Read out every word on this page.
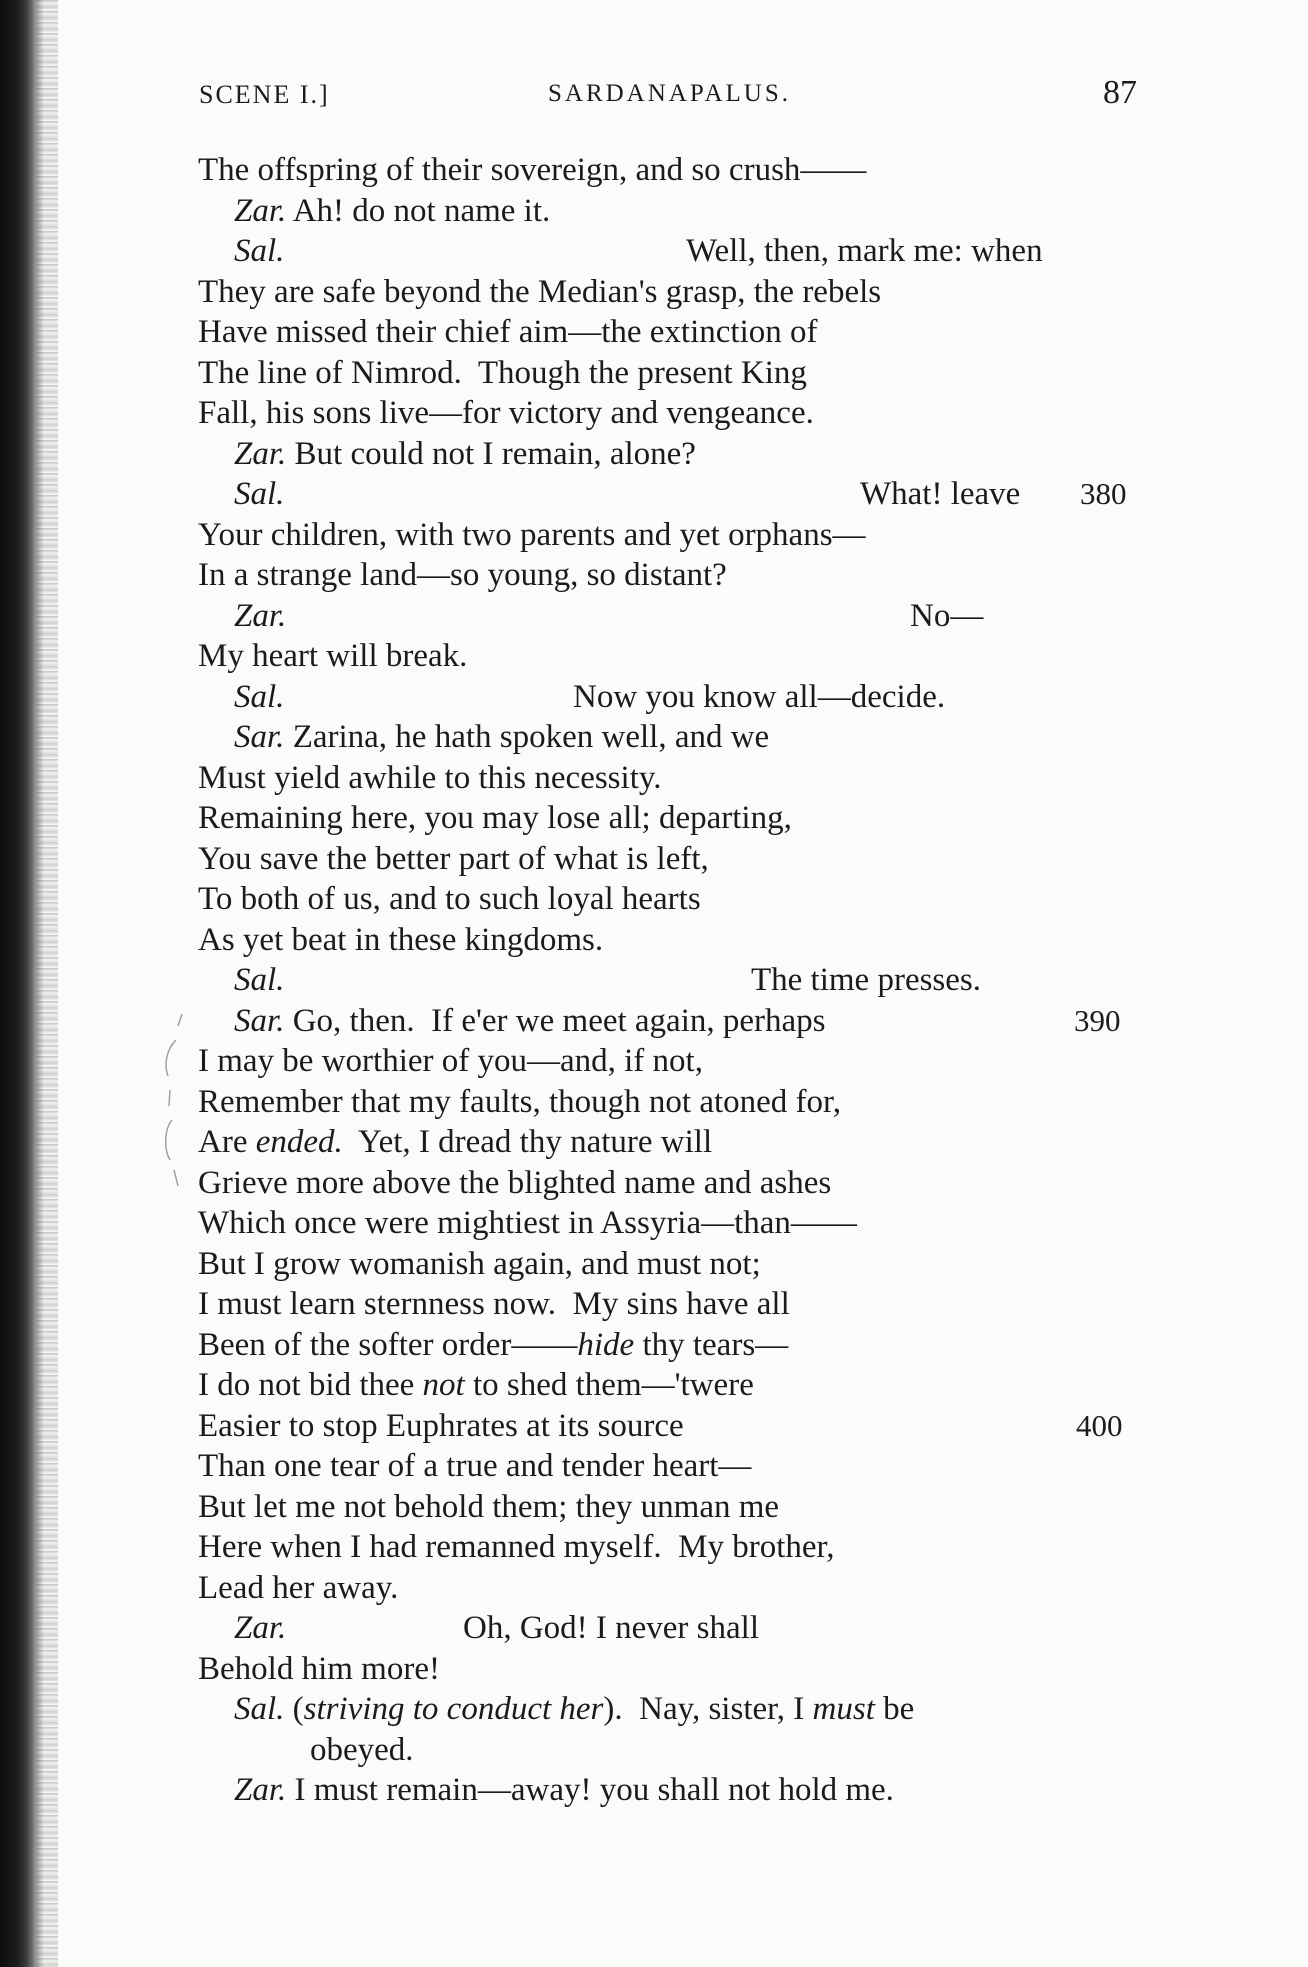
SCENE I.]	SARDANAPALUS.	87
The offspring of their sovereign, and so crush——
Zar. Ah! do not name it.
Sal.	Well, then, mark me: when
They are safe beyond the Median's grasp, the rebels
Have missed their chief aim—the extinction of
The line of Nimrod.  Though the present King
Fall, his sons live—for victory and vengeance.
Zar. But could not I remain, alone?
Sal.	What! leave 380
Your children, with two parents and yet orphans—
In a strange land—so young, so distant?
Zar.	No—
My heart will break.
Sal.	Now you know all—decide.
Sar. Zarina, he hath spoken well, and we
Must yield awhile to this necessity.
Remaining here, you may lose all; departing,
You save the better part of what is left,
To both of us, and to such loyal hearts
As yet beat in these kingdoms.
Sal.	The time presses.
Sar. Go, then.  If e'er we meet again, perhaps	390
I may be worthier of you—and, if not,
Remember that my faults, though not atoned for,
Are ended.  Yet, I dread thy nature will
Grieve more above the blighted name and ashes
Which once were mightiest in Assyria—than——
But I grow womanish again, and must not;
I must learn sternness now.  My sins have all
Been of the softer order——hide thy tears—
I do not bid thee not to shed them—'twere
Easier to stop Euphrates at its source	400
Than one tear of a true and tender heart—
But let me not behold them; they unman me
Here when I had remanned myself.  My brother,
Lead her away.
Zar.	Oh, God! I never shall
Behold him more!
Sal. (striving to conduct her).  Nay, sister, I must be
obeyed.
Zar. I must remain—away! you shall not hold me.
